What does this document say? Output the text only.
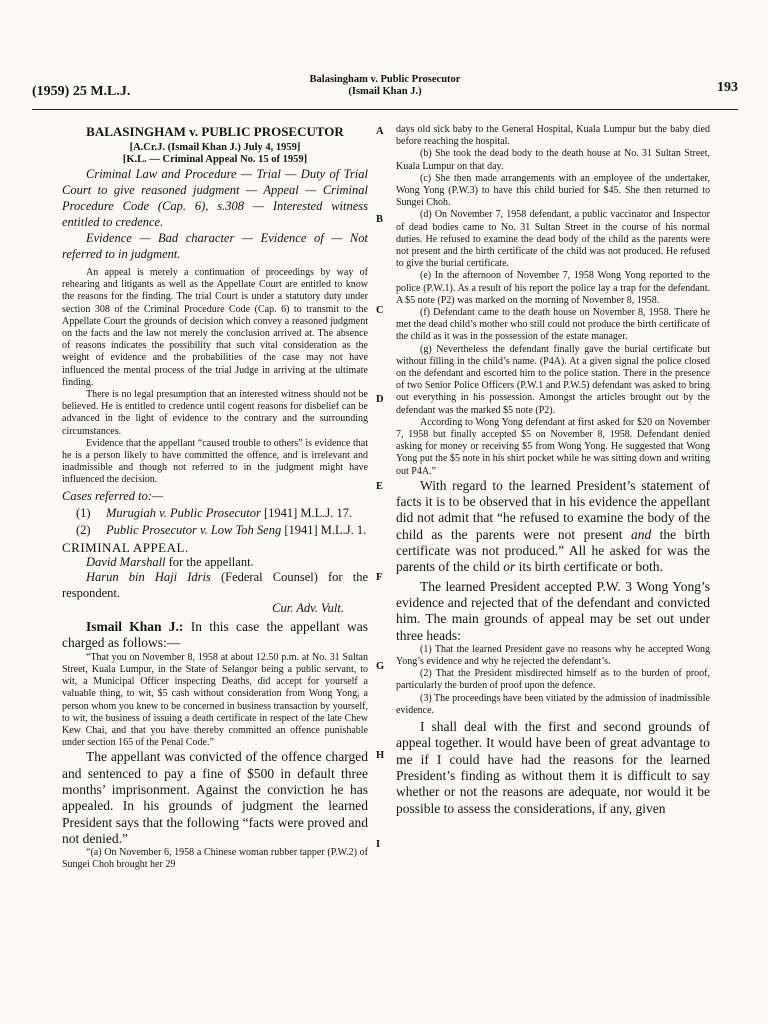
(1959) 25 M.L.J.
Balasingham v. Public Prosecutor
(Ismail Khan J.)	193
A
B
C
D
E
F
G
H
I

BALASINGHAM v. PUBLIC PROSECUTOR

[A.Cr.J. (Ismail Khan J.) July 4, 1959]

[K.L. — Criminal Appeal No. 15 of 1959]

Criminal Law and Procedure — Trial — Duty of Trial Court to give reasoned judgment — Appeal — Criminal Procedure Code (Cap. 6), s.308 — Interested witness entitled to credence.

Evidence — Bad character — Evidence of — Not referred to in judgment.

An appeal is merely a continuation of proceedings by way of rehearing and litigants as well as the Appellate Court are entitled to know the reasons for the finding. The trial Court is under a statutory duty under section 308 of the Criminal Procedure Code (Cap. 6) to transmit to the Appellate Court the grounds of decision which convey a reasoned judgment on the facts and the law not merely the conclusion arrived at. The absence of reasons indicates the possibility that such vital consideration as the weight of evidence and the probabilities of the case may not have influenced the mental process of the trial Judge in arriving at the ultimate finding.

There is no legal presumption that an interested witness should not be believed. He is entitled to credence until cogent reasons for disbelief can be advanced in the light of evidence to the contrary and the surrounding circumstances.

Evidence that the appellant “caused trouble to others” is evidence that he is a person likely to have committed the offence, and is irrelevant and inadmissible and though not referred to in the judgment might have influenced the decision.

Cases referred to:—

(1)	Murugiah v. Public Prosecutor [1941] M.L.J. 17.
(2)	Public Prosecutor v. Low Toh Seng [1941] M.L.J. 1.

CRIMINAL APPEAL.

David Marshall for the appellant.

Harun bin Haji Idris (Federal Counsel) for the respondent.

Cur. Adv. Vult.

Ismail Khan J.: In this case the appellant was charged as follows:—

“That you on November 8, 1958 at about 12.50 p.m. at No. 31 Sultan Street, Kuala Lumpur, in the State of Selangor being a public servant, to wit, a Municipal Officer inspecting Deaths, did accept for yourself a valuable thing, to wit, $5 cash without consideration from Wong Yong, a person whom you knew to be concerned in business transaction by yourself, to wit, the business of issuing a death certificate in respect of the late Chew Kew Chai, and that you have thereby committed an offence punishable under section 165 of the Penal Code.”

The appellant was convicted of the offence charged and sentenced to pay a fine of $500 in default three months’ imprisonment. Against the conviction he has appealed. In his grounds of judgment the learned President says that the following “facts were proved and not denied.”

“(a) On November 6, 1958 a Chinese woman rubber tapper (P.W.2) of Sungei Choh brought her 29

days old sick baby to the General Hospital, Kuala Lumpur but the baby died before reaching the hospital.

(b) She took the dead body to the death house at No. 31 Sultan Street, Kuala Lumpur on that day.

(c) She then made arrangements with an employee of the undertaker, Wong Yong (P.W.3) to have this child buried for $45. She then returned to Sungei Choh.

(d) On November 7, 1958 defendant, a public vaccinator and Inspector of dead bodies came to No. 31 Sultan Street in the course of his normal duties. He refused to examine the dead body of the child as the parents were not present and the birth certificate of the child was not produced. He refused to give the burial certificate.

(e) In the afternoon of November 7, 1958 Wong Yong reported to the police (P.W.1). As a result of his report the police lay a trap for the defendant. A $5 note (P2) was marked on the morning of November 8, 1958.

(f) Defendant came to the death house on November 8, 1958. There he met the dead child’s mother who still could not produce the birth certificate of the child as it was in the possession of the estate manager.

(g) Nevertheless the defendant finally gave the burial certificate but without filling in the child’s name. (P4A). At a given signal the police closed on the defendant and escorted him to the police station. There in the presence of two Senior Police Officers (P.W.1 and P.W.5) defendant was asked to bring out everything in his possession. Amongst the articles brought out by the defendant was the marked $5 note (P2).

According to Wong Yong defendant at first asked for $20 on November 7, 1958 but finally accepted $5 on November 8, 1958. Defendant denied asking for money or receiving $5 from Wong Yong. He suggested that Wong Yong put the $5 note in his shirt pocket while he was sitting down and writing out P4A.”

With regard to the learned President’s statement of facts it is to be observed that in his evidence the appellant did not admit that “he refused to examine the body of the child as the parents were not present and the birth certificate was not produced.” All he asked for was the parents of the child or its birth certificate or both.

The learned President accepted P.W. 3 Wong Yong’s evidence and rejected that of the defendant and convicted him. The main grounds of appeal may be set out under three heads:

(1) That the learned President gave no reasons why he accepted Wong Yong’s evidence and why he rejected the defendant’s.

(2) That the President misdirected himself as to the burden of proof, particularly the burden of proof upon the defence.

(3) The proceedings have been vitiated by the admission of inadmissible evidence.

I shall deal with the first and second grounds of appeal together. It would have been of great advantage to me if I could have had the reasons for the learned President’s finding as without them it is difficult to say whether or not the reasons are adequate, nor would it be possible to assess the considerations, if any, given
